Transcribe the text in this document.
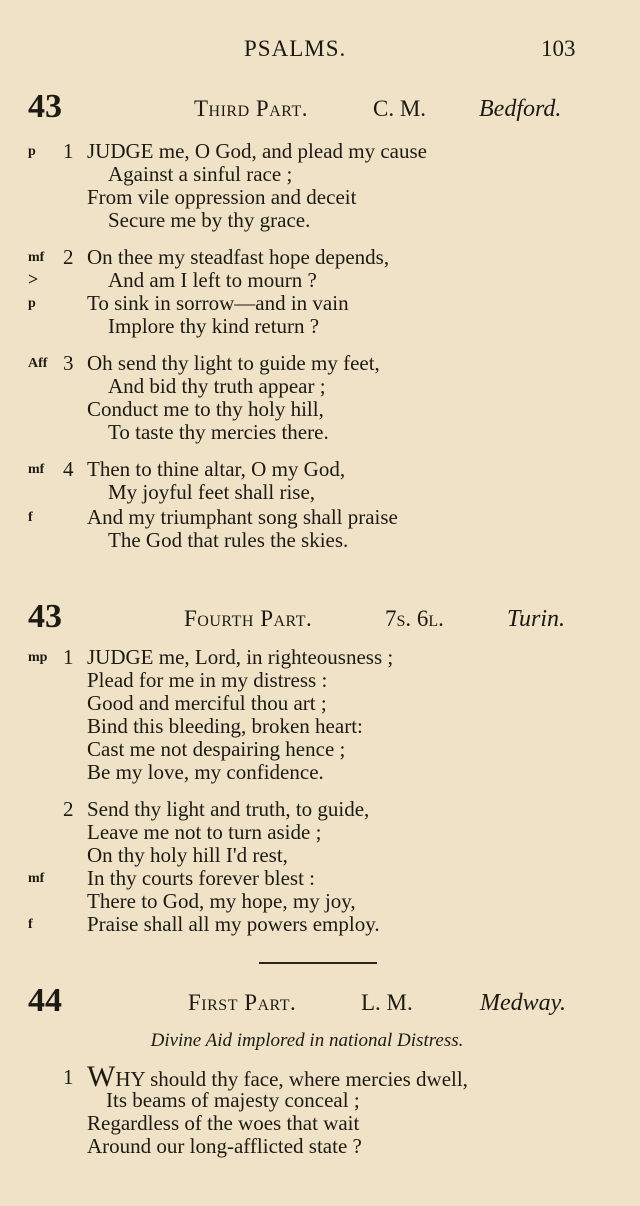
PSALMS.	103
43	Third Part.	C. M. Bedford.
p 1 JUDGE me, O God, and plead my cause
Against a sinful race ;
From vile oppression and deceit
Secure me by thy grace.
mf 2 On thee my steadfast hope depends,
>	And am I left to mourn ?
p To sink in sorrow—and in vain
Implore thy kind return ?
Aff 3 Oh send thy light to guide my feet,
And bid thy truth appear ;
Conduct me to thy holy hill,
To taste thy mercies there.
mf 4 Then to thine altar, O my God,
My joyful feet shall rise,
f	And my triumphant song shall praise
The God that rules the skies.
43	Fourth Part.	7s. 6l.	Turin.
mp 1 JUDGE me, Lord, in righteousness ;
Plead for me in my distress :
Good and merciful thou art ;
Bind this bleeding, broken heart:
Cast me not despairing hence ;
Be my love, my confidence.
2 Send thy light and truth, to guide,
Leave me not to turn aside ;
On thy holy hill I'd rest,
mf In thy courts forever blest :
There to God, my hope, my joy,
f	Praise shall all my powers employ.
44	First Part.	L. M.	Medway.
Divine Aid implored in national Distress.
1 WHY should thy face, where mercies dwell,
Its beams of majesty conceal ;
Regardless of the woes that wait
Around our long-afflicted state ?
